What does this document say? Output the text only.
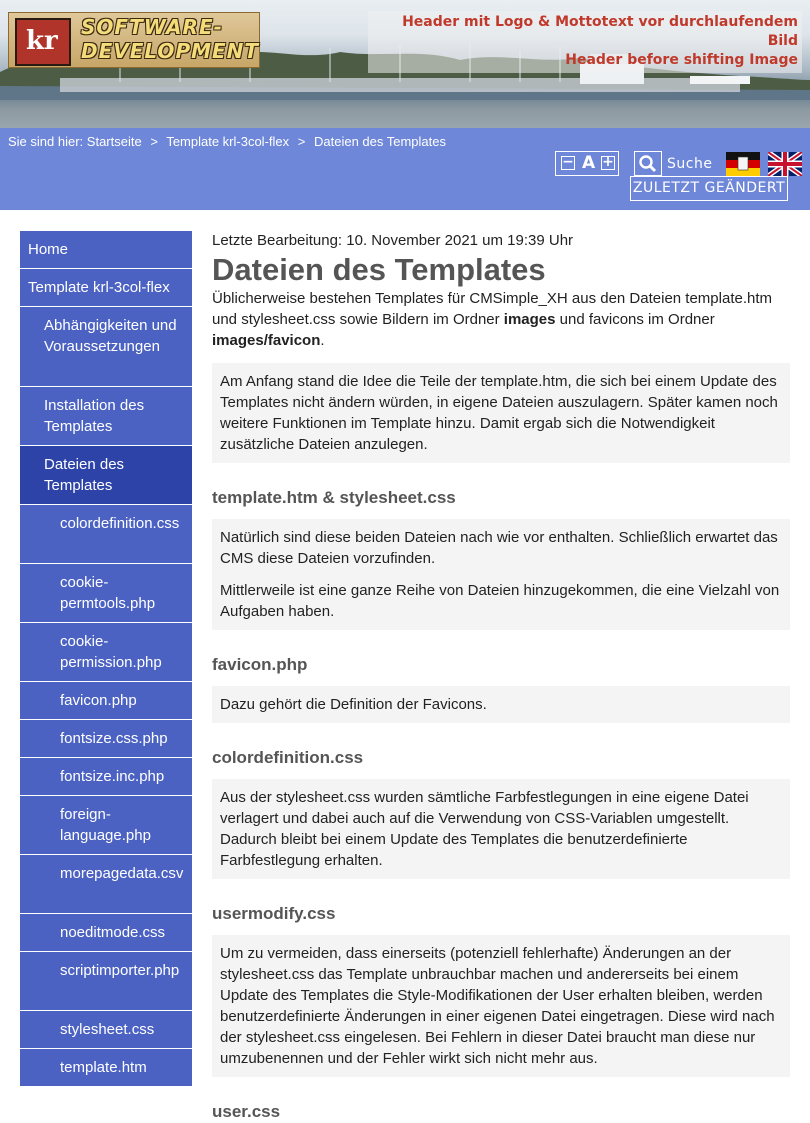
kr SOFTWARE-
DEVELOPMENT
Header mit Logo & Mottotext vor durchlaufendem Bild
Header before shifting Image
Sie sind hier: Startseite > Template krl-3col-flex > Dateien des Templates
− A +	Suche
ZULETZT GEÄNDERT
Home
Template krl-3col-flex
Abhängigkeiten und Voraussetzungen
Installation des Templates
Dateien des Templates
colordefinition.css
cookie-permtools.php
cookie-permission.php
favicon.php
fontsize.css.php
fontsize.inc.php
foreign-language.php
morepagedata.csv
noeditmode.css
scriptimporter.php
stylesheet.css
template.htm
Letzte Bearbeitung: 10. November 2021 um 19:39 Uhr
Dateien des Templates
Üblicherweise bestehen Templates für CMSimple_XH aus den Dateien template.htm und stylesheet.css sowie Bildern im Ordner images und favicons im Ordner images/favicon.

Am Anfang stand die Idee die Teile der template.htm, die sich bei einem Update des Templates nicht ändern würden, in eigene Dateien auszulagern. Später kamen noch weitere Funktionen im Template hinzu. Damit ergab sich die Notwendigkeit zusätzliche Dateien anzulegen.

template.htm & stylesheet.css

Natürlich sind diese beiden Dateien nach wie vor enthalten. Schließlich erwartet das CMS diese Dateien vorzufinden.

Mittlerweile ist eine ganze Reihe von Dateien hinzugekommen, die eine Vielzahl von Aufgaben haben.

favicon.php

Dazu gehört die Definition der Favicons.

colordefinition.css

Aus der stylesheet.css wurden sämtliche Farbfestlegungen in eine eigene Datei verlagert und dabei auch auf die Verwendung von CSS-Variablen umgestellt. Dadurch bleibt bei einem Update des Templates die benutzerdefinierte Farbfestlegung erhalten.

usermodify.css

Um zu vermeiden, dass einerseits (potenziell fehlerhafte) Änderungen an der stylesheet.css das Template unbrauchbar machen und andererseits bei einem Update des Templates die Style-Modifikationen der User erhalten bleiben, werden benutzerdefinierte Änderungen in einer eigenen Datei eingetragen. Diese wird nach der stylesheet.css eingelesen. Bei Fehlern in dieser Datei braucht man diese nur umzubenennen und der Fehler wirkt sich nicht mehr aus.

user.css
